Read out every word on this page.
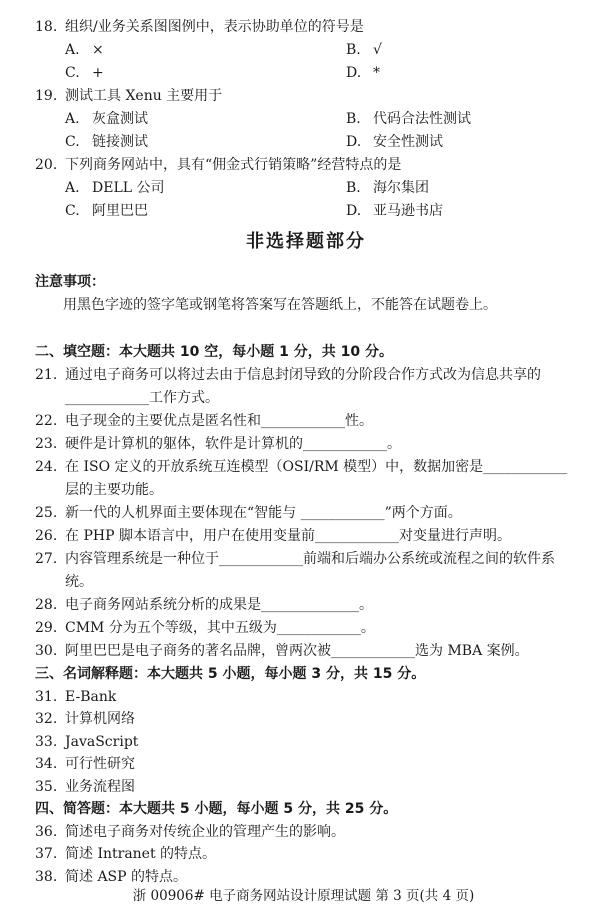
18. 组织/业务关系图图例中，表示协助单位的符号是
A. ×	B. √
C. +	D. *
19. 测试工具 Xenu 主要用于
A. 灰盒测试	B. 代码合法性测试
C. 链接测试	D. 安全性测试
20. 下列商务网站中，具有“佣金式行销策略”经营特点的是
A. DELL 公司	B. 海尔集团
C. 阿里巴巴	D. 亚马逊书店
非选择题部分
注意事项：
用黑色字迹的签字笔或钢笔将答案写在答题纸上，不能答在试题卷上。
二、填空题：本大题共 10 空，每小题 1 分，共 10 分。
21. 通过电子商务可以将过去由于信息封闭导致的分阶段合作方式改为信息共享的
____________工作方式。
22. 电子现金的主要优点是匿名性和____________性。
23. 硬件是计算机的躯体，软件是计算机的____________。
24. 在 ISO 定义的开放系统互连模型（OSI/RM 模型）中，数据加密是____________
层的主要功能。
25. 新一代的人机界面主要体现在“智能与 ____________”两个方面。
26. 在 PHP 脚本语言中，用户在使用变量前____________对变量进行声明。
27. 内容管理系统是一种位于____________前端和后端办公系统或流程之间的软件系
统。
28. 电子商务网站系统分析的成果是______________。
29. CMM 分为五个等级，其中五级为____________。
30. 阿里巴巴是电子商务的著名品牌，曾两次被____________选为 MBA 案例。
三、名词解释题：本大题共 5 小题，每小题 3 分，共 15 分。
31. E-Bank
32. 计算机网络
33. JavaScript
34. 可行性研究
35. 业务流程图
四、简答题：本大题共 5 小题，每小题 5 分，共 25 分。
36. 简述电子商务对传统企业的管理产生的影响。
37. 简述 Intranet 的特点。
38. 简述 ASP 的特点。
浙 00906# 电子商务网站设计原理试题 第 3 页(共 4 页)
